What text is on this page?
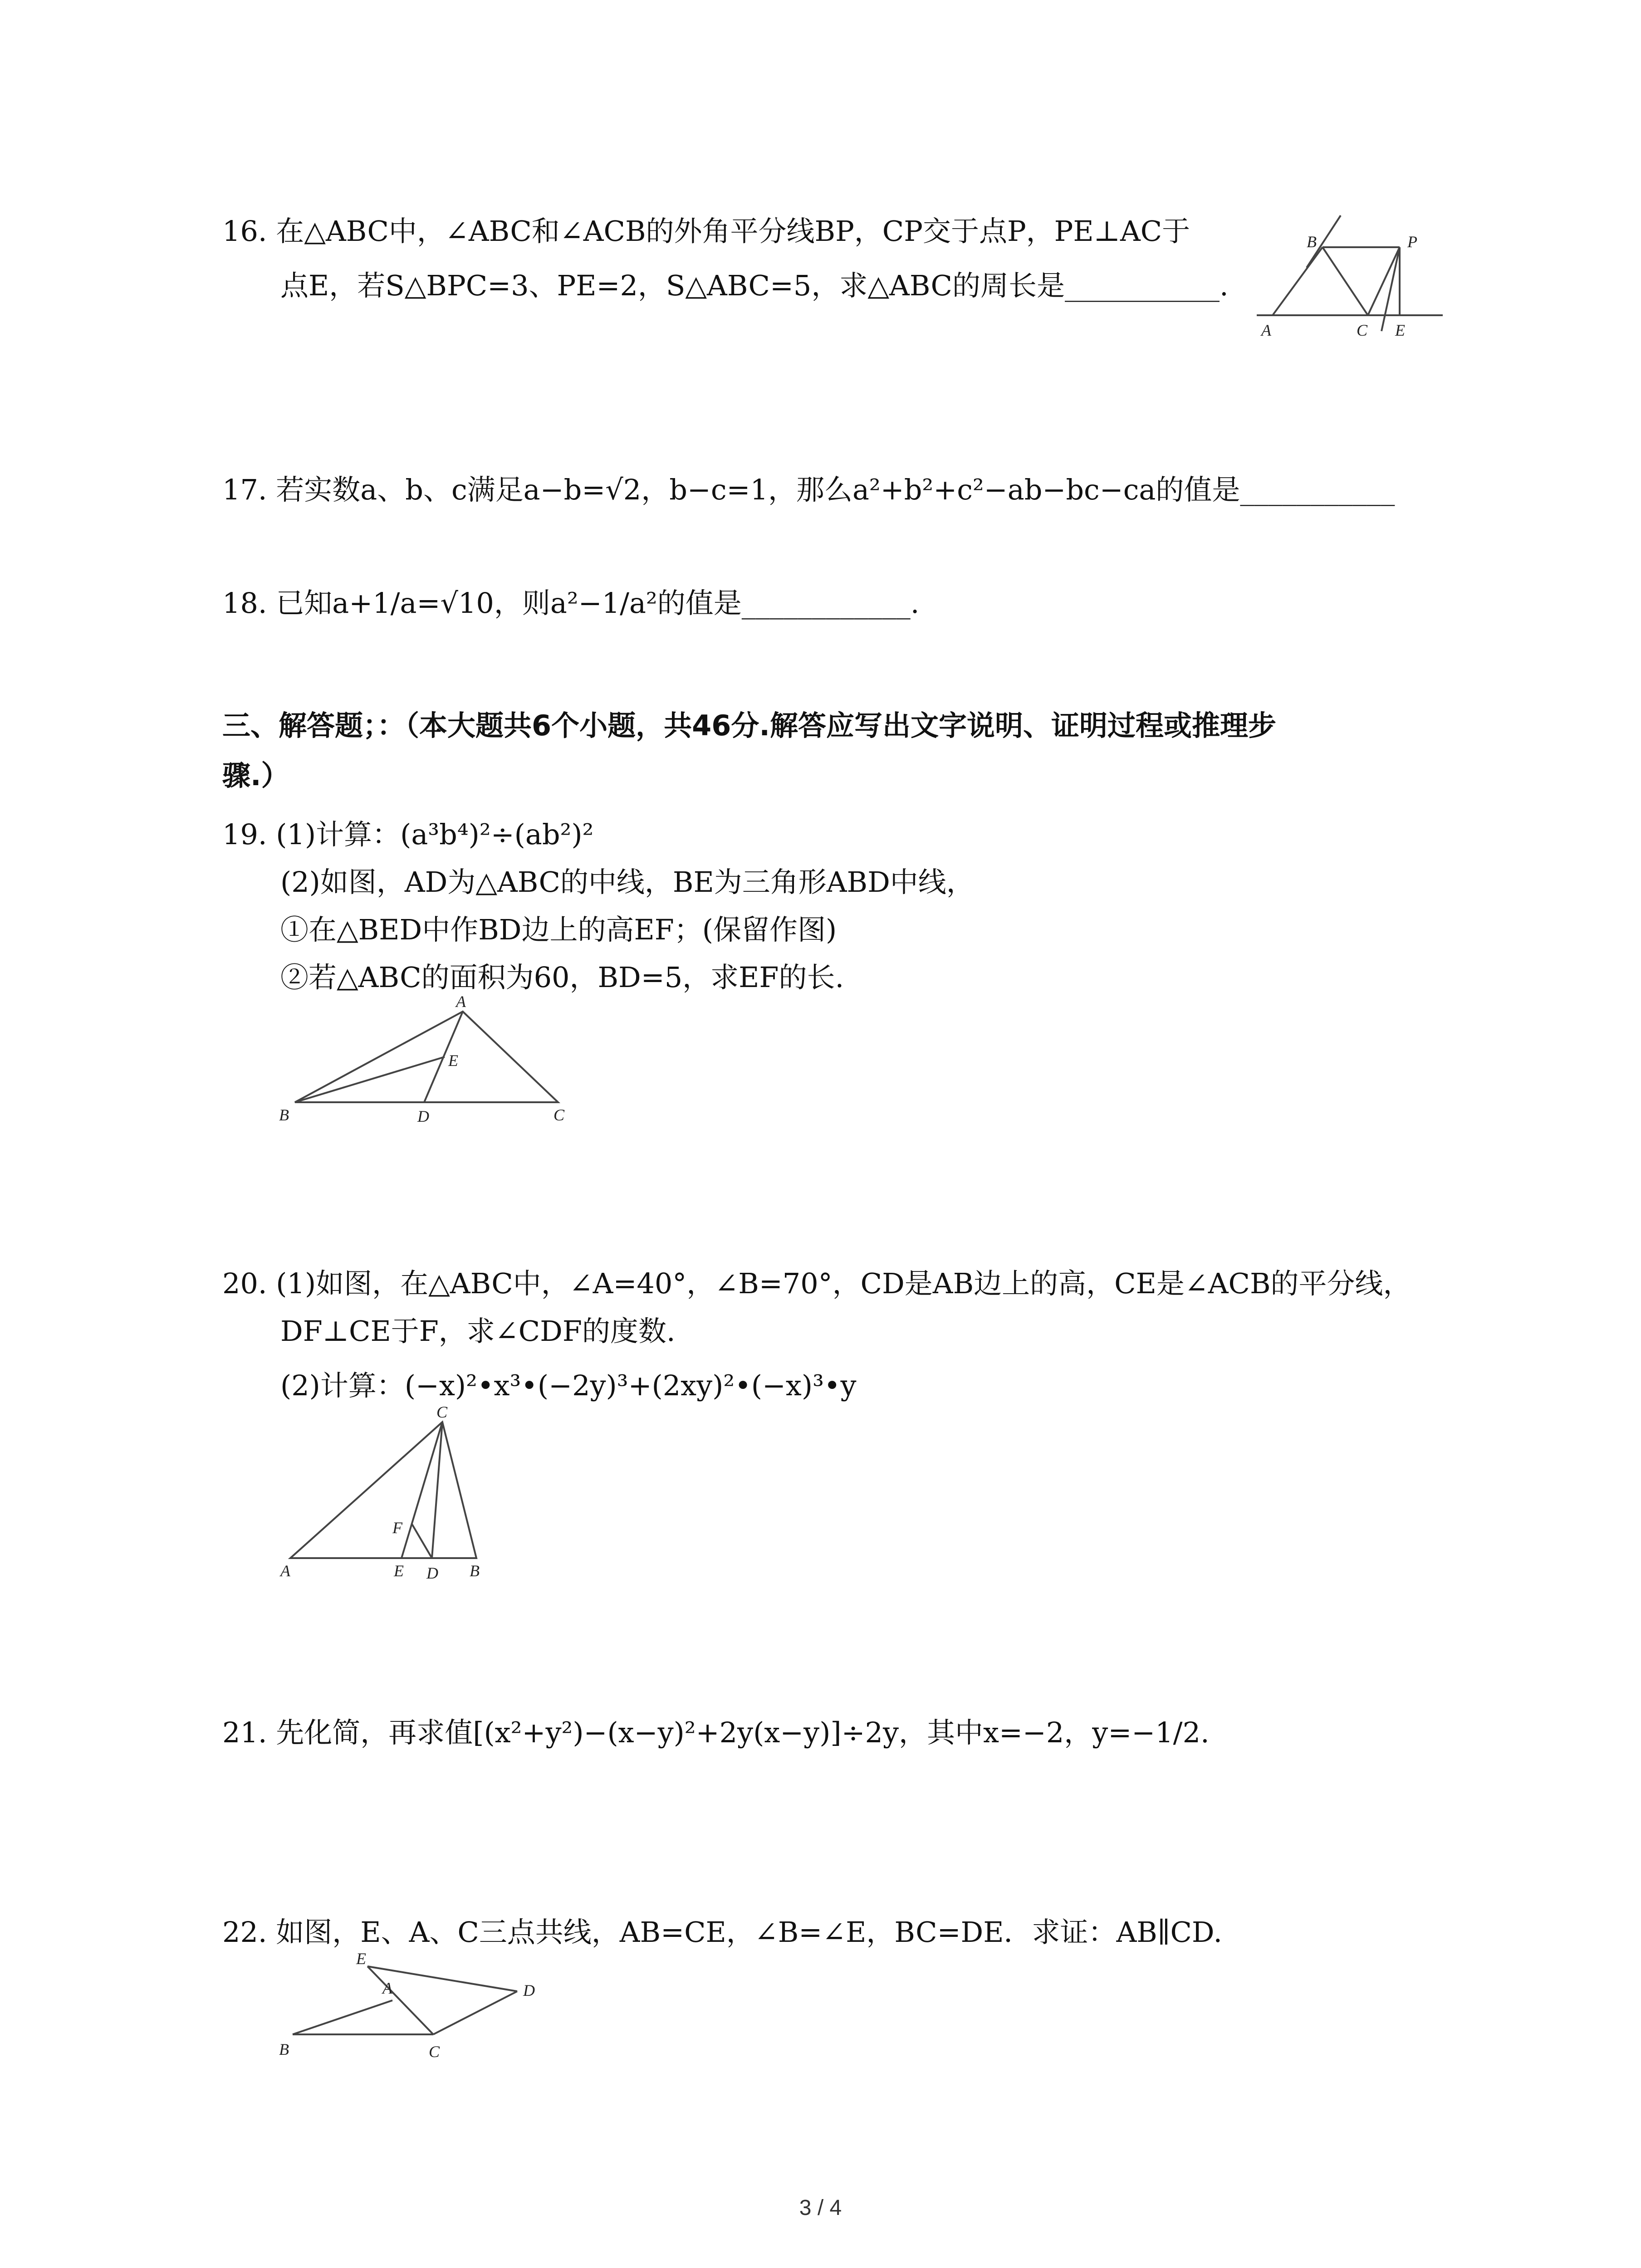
16. 在△ABC中，∠ABC和∠ACB的外角平分线BP，CP交于点P，PE⊥AC于
点E，若S△BPC=3、PE=2，S△ABC=5，求△ABC的周长是___________.
B	P
A	C E
17. 若实数a、b、c满足a−b=√2，b−c=1，那么a²+b²+c²−ab−bc−ca的值是___________
18. 已知a+1/a=√10，则a²−1/a²的值是____________.
三、解答题；：（本大题共6个小题，共46分.解答应写出文字说明、证明过程或推理步
骤.）
19. (1)计算：(a³b⁴)²÷(ab²)²
(2)如图，AD为△ABC的中线，BE为三角形ABD中线，
①在△BED中作BD边上的高EF；(保留作图)
②若△ABC的面积为60，BD=5，求EF的长.
A
E
B	D	C
20. (1)如图，在△ABC中，∠A=40°，∠B=70°，CD是AB边上的高，CE是∠ACB的平分线，
DF⊥CE于F，求∠CDF的度数.
(2)计算：(−x)²•x³•(−2y)³+(2xy)²•(−x)³•y
C
F
A	E D B
21. 先化简，再求值[(x²+y²)−(x−y)²+2y(x−y)]÷2y，其中x=−2，y=−1/2.
22. 如图，E、A、C三点共线，AB=CE，∠B=∠E，BC=DE．求证：AB∥CD.
E
A	D
B	C
3 / 4
